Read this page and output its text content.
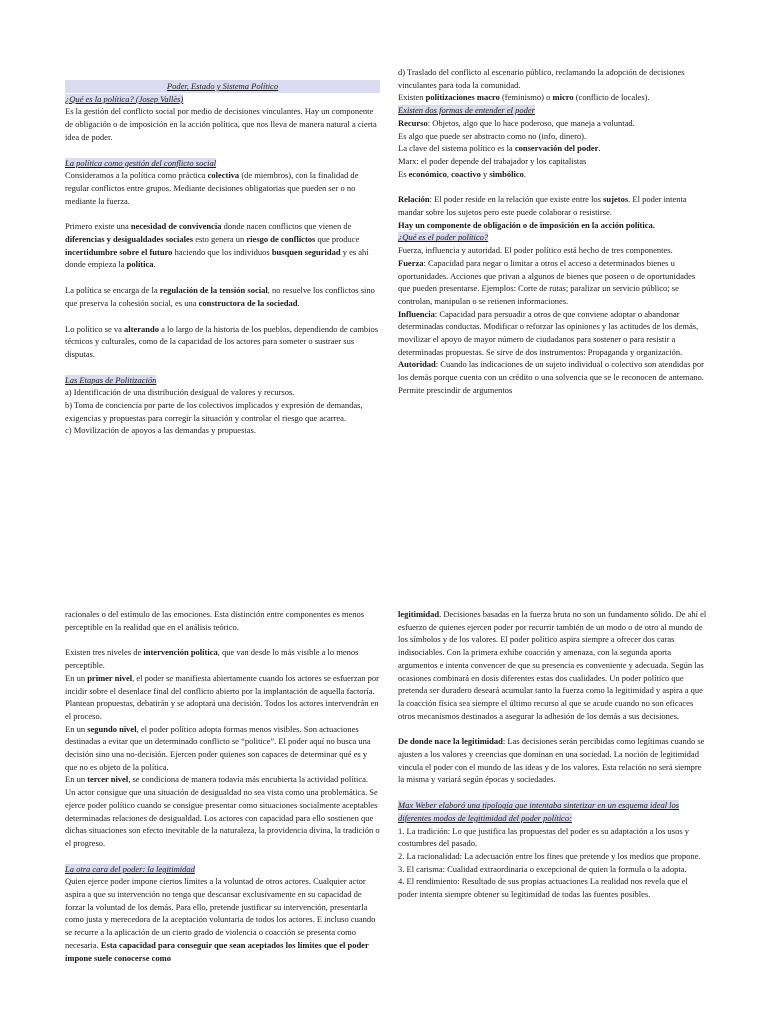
Poder, Estado y Sistema Político

¿Qué es la política? (Josep Vallès)

Es la gestión del conflicto social por medio de decisiones vinculantes. Hay un componente de obligación o de imposición en la acción política, que nos lleva de manera natural a cierta idea de poder.

La política como gestión del conflicto social

Consideramos a la política como práctica colectiva (de miembros), con la finalidad de regular conflictos entre grupos. Mediante decisiones obligatorias que pueden ser o no mediante la fuerza.

Primero existe una necesidad de convivencia donde nacen conflictos que vienen de diferencias y desigualdades sociales esto genera un riesgo de conflictos que produce incertidumbre sobre el futuro haciendo que los individuos busquen seguridad y es ahí donde empieza la política.

La política se encarga de la regulación de la tensión social, no resuelve los conflictos sino que preserva la cohesión social, es una constructora de la sociedad.

Lo político se va alterando a lo largo de la historia de los pueblos, dependiendo de cambios técnicos y culturales, como de la capacidad de los actores para someter o sustraer sus disputas.

Las Etapas de Politización

a) Identificación de una distribución desigual de valores y recursos.

b) Toma de conciencia por parte de los colectivos implicados y expresión de demandas, exigencias y propuestas para corregir la situación y controlar el riesgo que acarrea.

c) Movilización de apoyos a las demandas y propuestas.

d) Traslado del conflicto al escenario público, reclamando la adopción de decisiones vinculantes para toda la comunidad.

Existen politizaciones macro (feminismo) o micro (conflicto de locales).

Existen dos formas de entender el poder

Recurso: Objetos, algo que lo hace poderoso, que maneja a voluntad.

Es algo que puede ser abstracto como no (info, dinero).

La clave del sistema político es la conservación del poder.

Marx: el poder depende del trabajador y los capitalistas

Es económico, coactivo y simbólico.

Relación: El poder reside en la relación que existe entre los sujetos. El poder intenta mandar sobre los sujetos pero este puede colaborar o resistirse.

Hay un componente de obligación o de imposición en la acción política.

¿Qué es el poder político?

Fuerza, influencia y autoridad. El poder político está hecho de tres componentes.

Fuerza: Capacidad para negar o limitar a otros el acceso a determinados bienes u oportunidades. Acciones que privan a algunos de bienes que poseen o de oportunidades que pueden presentarse. Ejemplos: Corte de rutas; paralizar un servicio público; se controlan, manipulan o se retienen informaciones.

Influencia: Capacidad para persuadir a otros de que conviene adoptar o abandonar determinadas conductas. Modificar o reforzar las opiniones y las actitudes de los demás, movilizar el apoyo de mayor número de ciudadanos para sostener o para resistir a determinadas propuestas. Se sirve de dos instrumentos: Propaganda y organización.

Autoridad: Cuando las indicaciones de un sujeto individual o colectivo son atendidas por los demás porque cuenta con un crédito o una solvencia que se le reconocen de antemano. Permite prescindir de argumentos

racionales o del estímulo de las emociones. Esta distinción entre componentes es menos perceptible en la realidad que en el análisis teórico.

Existen tres niveles de intervención política, que van desde lo más visible a lo menos perceptible.

En un primer nivel, el poder se manifiesta abiertamente cuando los actores se esfuerzan por incidir sobre el desenlace final del conflicto abierto por la implantación de aquella factoría. Plantean propuestas, debatirán y se adoptará una decisión. Todos los actores intervendrán en el proceso.

En un segundo nivel, el poder político adopta formas menos visibles. Son actuaciones destinadas a evitar que un determinado conflicto se “politice”. El poder aquí no busca una decisión sino una no-decisión. Ejercen poder quienes son capaces de determinar qué es y que no es objeto de la política.

En un tercer nivel, se condiciona de manera todavía más encubierta la actividad política. Un actor consigue que una situación de desigualdad no sea vista como una problemática. Se ejerce poder político cuando se consigue presentar como situaciones socialmente aceptables determinadas relaciones de desigualdad. Los actores con capacidad para ello sostienen que dichas situaciones son efecto inevitable de la naturaleza, la providencia divina, la tradición o el progreso.

La otra cara del poder: la legitimidad

Quien ejerce poder impone ciertos límites a la voluntad de otros actores. Cualquier actor aspira a que su intervención no tenga que descansar exclusivamente en su capacidad de forzar la voluntad de los demás. Para ello, pretende justificar su intervención, presentarla como justa y merecedora de la aceptación voluntaria de todos los actores. E incluso cuando se recurre a la aplicación de un cierto grado de violencia o coacción se presenta como necesaria. Esta capacidad para conseguir que sean aceptados los límites que el poder impone suele conocerse como

legitimidad. Decisiones basadas en la fuerza bruta no son un fundamento sólido. De ahí el esfuerzo de quienes ejercen poder por recurrir también de un modo o de otro al mundo de los símbolos y de los valores. El poder político aspira siempre a ofrecer dos caras indisociables. Con la primera exhibe coacción y amenaza, con la segunda aporta argumentos e intenta convencer de que su presencia es conveniente y adecuada. Según las ocasiones combinará en dosis diferentes estas dos cualidades. Un poder político que pretenda ser duradero deseará acumular tanto la fuerza como la legitimidad y aspira a que la coacción física sea siempre el último recurso al que se acude cuando no son eficaces otros mecanismos destinados a asegurar la adhesión de los demás a sus decisiones.

De donde nace la legitimidad: Las decisiones serán percibidas como legítimas cuando se ajusten a los valores y creencias que dominan en una sociedad. La noción de legitimidad vincula el poder con el mundo de las ideas y de los valores. Esta relación no será siempre la misma y variará según épocas y sociedades.

Max Weber elaboró una tipología que intentaba sintetizar en un esquema ideal los diferentes modos de legitimidad del poder político:

1. La tradición: Lo que justifica las propuestas del poder es su adaptación a los usos y costumbres del pasado.

2. La racionalidad: La adecuación entre los fines que pretende y los medios que propone.

3. El carisma: Cualidad extraordinaria o excepcional de quien la formula o la adopta.

4. El rendimiento: Resultado de sus propias actuaciones La realidad nos revela que el poder intenta siempre obtener su legitimidad de todas las fuentes posibles.
